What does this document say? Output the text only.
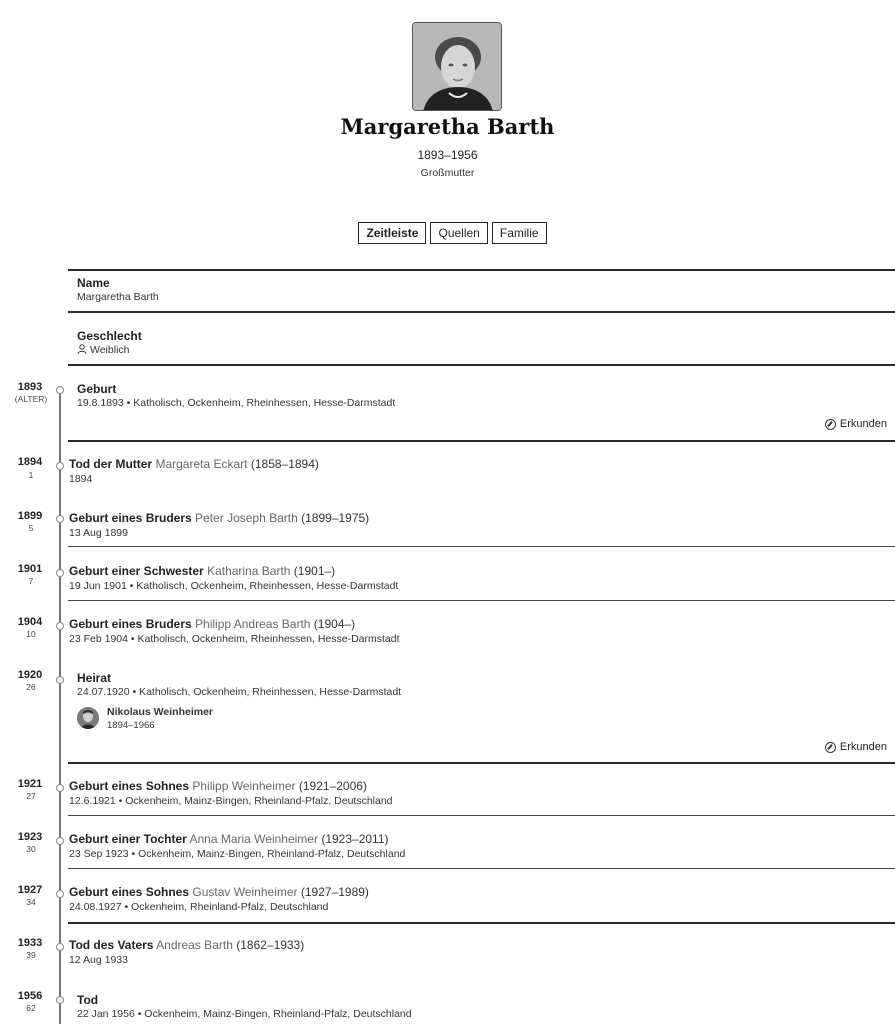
Margaretha Barth
1893–1956
Großmutter
Zeitleiste	Quellen	Familie
Name
Margaretha Barth
Geschlecht
Weiblich
1893
(ALTER)
Geburt
19.8.1893 • Katholisch, Ockenheim, Rheinhessen, Hesse-Darmstadt
Erkunden
1894
1
Tod der Mutter Margareta Eckart (1858–1894)
1894
1899
5
Geburt eines Bruders Peter Joseph Barth (1899–1975)
13 Aug 1899
1901
7
Geburt einer Schwester Katharina Barth (1901–)
19 Jun 1901 • Katholisch, Ockenheim, Rheinhessen, Hesse-Darmstadt
1904
10
Geburt eines Bruders Philipp Andreas Barth (1904–)
23 Feb 1904 • Katholisch, Ockenheim, Rheinhessen, Hesse-Darmstadt
1920
26
Heirat
24.07.1920 • Katholisch, Ockenheim, Rheinhessen, Hesse-Darmstadt
Nikolaus Weinheimer
1894–1966
Erkunden
1921
27
Geburt eines Sohnes Philipp Weinheimer (1921–2006)
12.6.1921 • Ockenheim, Mainz-Bingen, Rheinland-Pfalz, Deutschland
1923
30
Geburt einer Tochter Anna Maria Weinheimer (1923–2011)
23 Sep 1923 • Ockenheim, Mainz-Bingen, Rheinland-Pfalz, Deutschland
1927
34
Geburt eines Sohnes Gustav Weinheimer (1927–1989)
24.08.1927 • Ockenheim, Rheinland-Pfalz, Deutschland
1933
39
Tod des Vaters Andreas Barth (1862–1933)
12 Aug 1933
1956
62
Tod
22 Jan 1956 • Ockenheim, Mainz-Bingen, Rheinland-Pfalz, Deutschland
